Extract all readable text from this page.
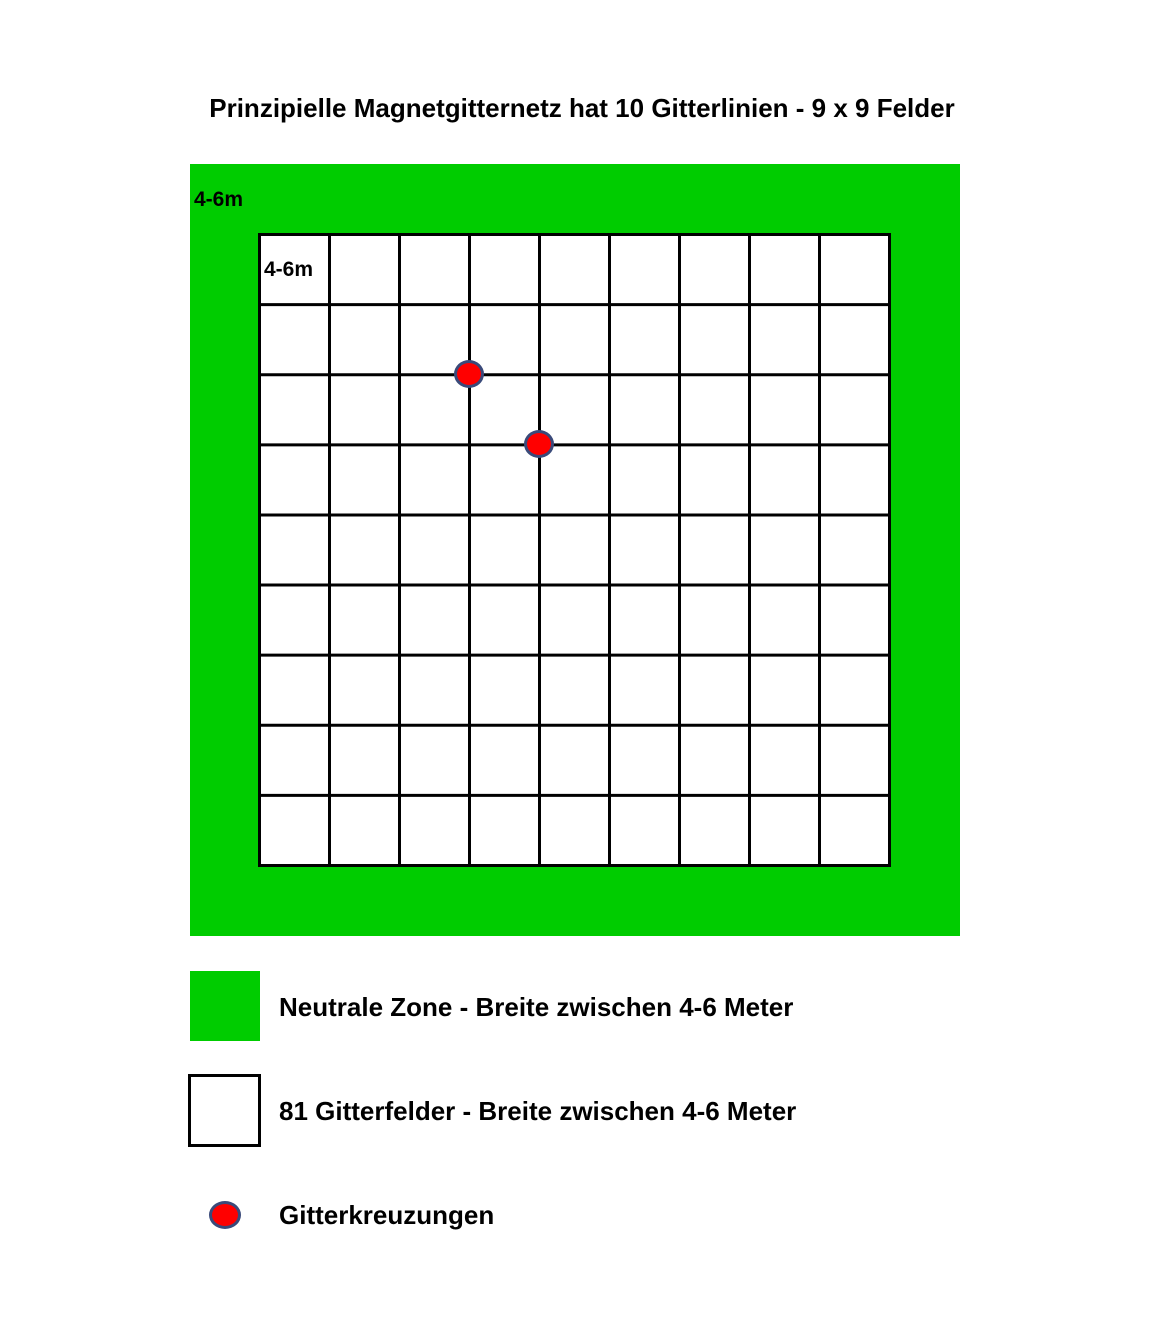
Prinzipielle Magnetgitternetz hat 10 Gitterlinien - 9 x 9 Felder
4-6m
4-6m
Neutrale Zone - Breite zwischen 4-6 Meter
81 Gitterfelder - Breite zwischen 4-6 Meter
Gitterkreuzungen
